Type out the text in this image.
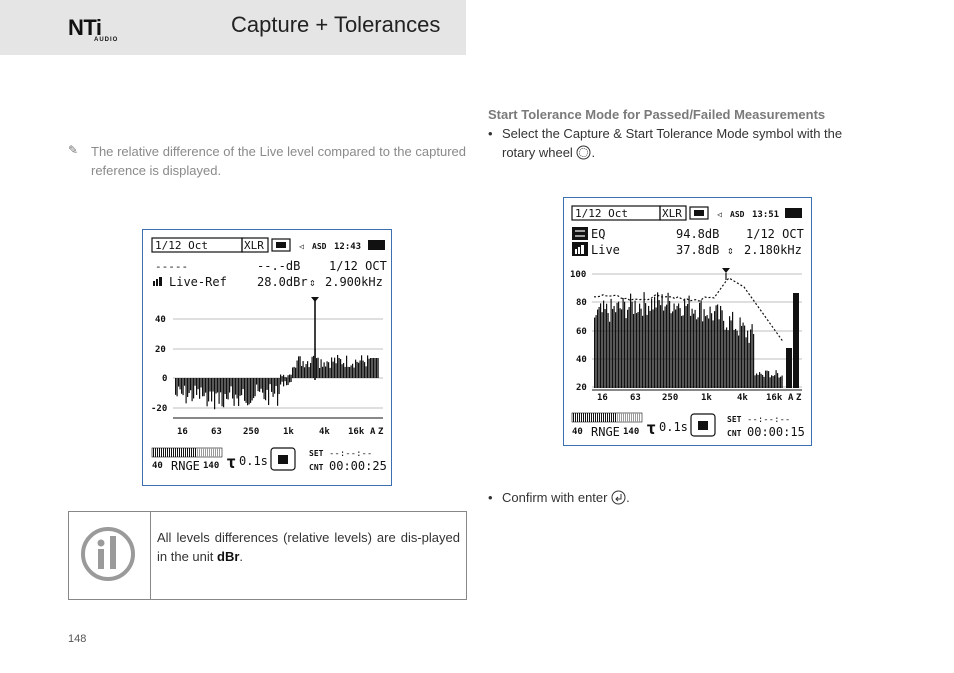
NTi
AUDIO
Capture + Tolerances
✎ The relative difference of the Live level compared to the captured reference is displayed.
1/12 Oct	XLR	◁ ASD 12:43
-----	--.-dB 1/12 OCT
Live-Ref	28.0dBr ⇕ 2.900kHz
40
20
0
-20
16	63 250	1k	4k 16k A Z
40 RNGE 140 τ 0.1s
SET --:--:--
CNT 00:00:25
All levels differences (relative levels) are dis-played in the unit dBr.
Start Tolerance Mode for Passed/Failed Measurements
• Select the Capture & Start Tolerance Mode symbol with the
rotary wheel .
1/12 Oct	XLR	◁ ASD 13:51
EQ	94.8dB 1/12 OCT
Live	37.8dB ⇕ 2.180kHz
100
80
60
40
20
16 63 250	1k	4k 16k A Z
40 RNGE 140 τ 0.1s
SET --:--:--
CNT 00:00:15
• Confirm with enter .
148
